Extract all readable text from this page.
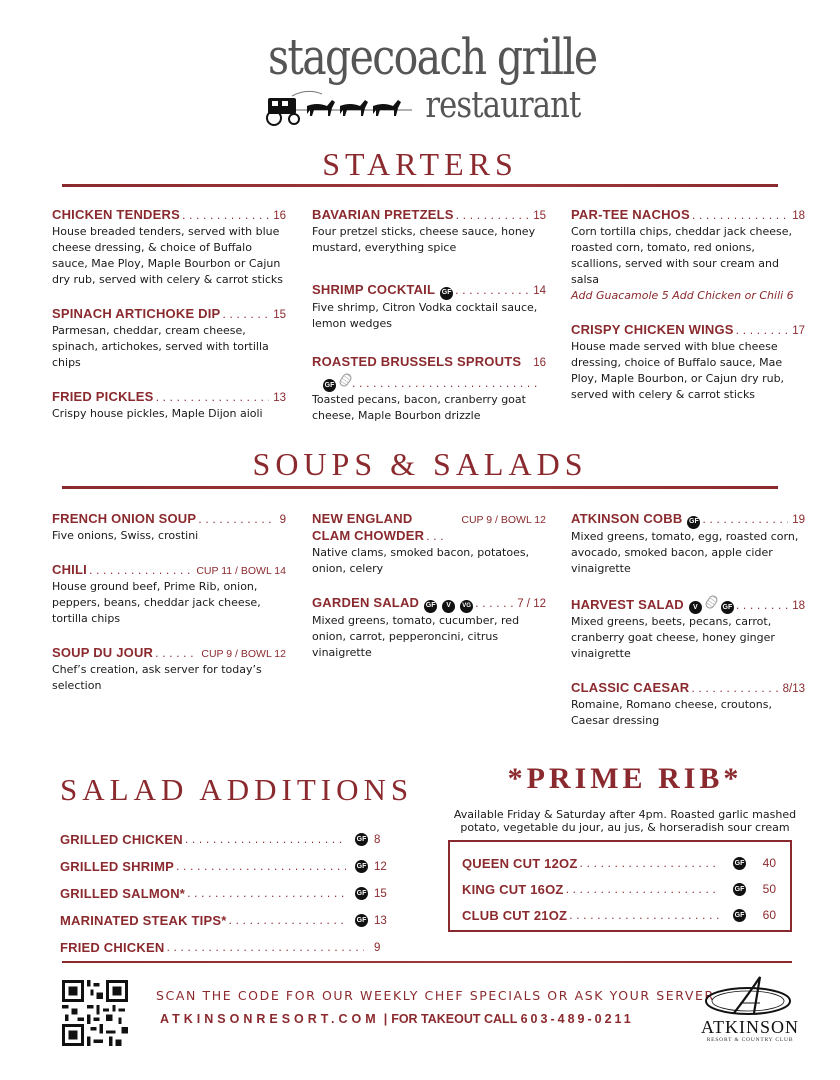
stagecoach grille
restaurant
STARTERS
CHICKEN TENDERS . . .	16
House breaded tenders, served with blue cheese dressing, & choice of Buffalo sauce, Mae Ploy, Maple Bourbon or Cajun dry rub, served with celery & carrot sticks
SPINACH ARTICHOKE DIP . . .	15
Parmesan, cheddar, cream cheese, spinach, artichokes, served with tortilla chips
FRIED PICKLES . . .	13
Crispy house pickles, Maple Dijon aioli
BAVARIAN PRETZELS . . .	15
Four pretzel sticks, cheese sauce, honey mustard, everything spice
SHRIMP COCKTAIL GF . . .	14
Five shrimp, Citron Vodka cocktail sauce, lemon wedges
ROASTED BRUSSELS SPROUTS 16
GF
. . .
Toasted pecans, bacon, cranberry goat cheese, Maple Bourbon drizzle
PAR-TEE NACHOS . . .	18
Corn tortilla chips, cheddar jack cheese, roasted corn, tomato, red onions, scallions, served with sour cream and salsa
Add Guacamole 5 Add Chicken or Chili 6
CRISPY CHICKEN WINGS . . .	17
House made served with blue cheese dressing, choice of Buffalo sauce, Mae Ploy, Maple Bourbon, or Cajun dry rub, served with celery & carrot sticks
SOUPS & SALADS
FRENCH ONION SOUP . . .	9
Five onions, Swiss, crostini
CHILI . . .	CUP 11 / BOWL 14
House ground beef, Prime Rib, onion, peppers, beans, cheddar jack cheese, tortilla chips
SOUP DU JOUR . . .	CUP 9 / BOWL 12
Chef’s creation, ask server for today’s selection
NEW ENGLAND	CUP 9 / BOWL 12
CLAM CHOWDER
. . .
Native clams, smoked bacon, potatoes, onion, celery
GARDEN SALAD GF	V	VG . . .	7 / 12
Mixed greens, tomato, cucumber, red onion, carrot, pepperoncini, citrus vinaigrette
ATKINSON COBB GF . . .	19
Mixed greens, tomato, egg, roasted corn, avocado, smoked bacon, apple cider vinaigrette
HARVEST SALAD	V	GF . . .	18
Mixed greens, beets, pecans, carrot, cranberry goat cheese, honey ginger vinaigrette
CLASSIC CAESAR . . .	8/13
Romaine, Romano cheese, croutons, Caesar dressing
SALAD ADDITIONS
GRILLED CHICKEN . . .	GF 8
GRILLED SHRIMP . . .	GF 12
GRILLED SALMON* . . .	GF 15
MARINATED STEAK TIPS* . . .	GF 13
FRIED CHICKEN . . .	9
*PRIME RIB*
Available Friday & Saturday after 4pm. Roasted garlic mashed potato, vegetable du jour, au jus, & horseradish sour cream
QUEEN CUT 12OZ . . .	GF	40
KING CUT 16OZ . . .	GF	50
CLUB CUT 21OZ . . .	GF	60
SCAN THE CODE FOR OUR WEEKLY CHEF SPECIALS OR ASK YOUR SERVER
ATKINSONRESORT.COM | FOR TAKEOUT CALL 603-489-0211	ATKINSON
RESORT & COUNTRY CLUB
